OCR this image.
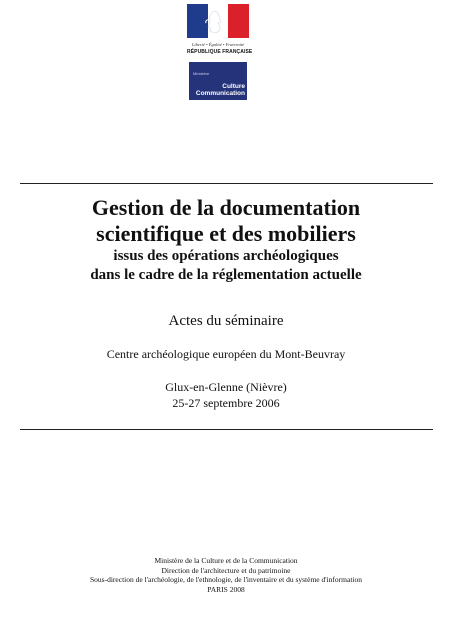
Liberté • Égalité • Fraternité
RÉPUBLIQUE FRANÇAISE
Ministère
Culture
Communication
Gestion de la documentation
scientifique et des mobiliers
issus des opérations archéologiques
dans le cadre de la réglementation actuelle
Actes du séminaire
Centre archéologique européen du Mont-Beuvray
Glux-en-Glenne (Nièvre)
25-27 septembre 2006
Ministère de la Culture et de la Communication
Direction de l'architecture et du patrimoine
Sous-direction de l'archéologie, de l'ethnologie, de l'inventaire et du système d'information
PARIS 2008
